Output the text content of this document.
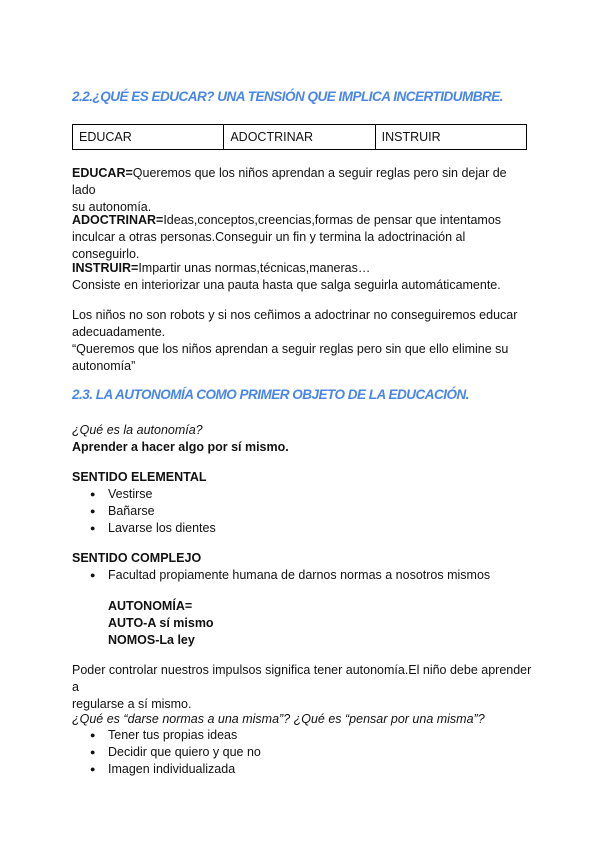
2.2.¿QUÉ ES EDUCAR? UNA TENSIÓN QUE IMPLICA INCERTIDUMBRE.
EDUCAR	ADOCTRINAR	INSTRUIR

EDUCAR=Queremos que los niños aprendan a seguir reglas pero sin dejar de lado
su autonomía.

ADOCTRINAR=Ideas,conceptos,creencias,formas de pensar que intentamos
inculcar a otras personas.Conseguir un fin y termina la adoctrinación al conseguirlo.

INSTRUIR=Impartir unas normas,técnicas,maneras…
Consiste en interiorizar una pauta hasta que salga seguirla automáticamente.

Los niños no son robots y si nos ceñimos a adoctrinar no conseguiremos educar
adecuadamente.
“Queremos que los niños aprendan a seguir reglas pero sin que ello elimine su
autonomía”

2.3. LA AUTONOMÍA COMO PRIMER OBJETO DE LA EDUCACIÓN.

¿Qué es la autonomía?

Aprender a hacer algo por sí mismo.

SENTIDO ELEMENTAL

● Vestirse
● Bañarse
● Lavarse los dientes

SENTIDO COMPLEJO

● Facultad propiamente humana de darnos normas a nosotros mismos

AUTONOMÍA=
AUTO-A sí mismo
NOMOS-La ley

Poder controlar nuestros impulsos significa tener autonomía.El niño debe aprender a
regularse a sí mismo.

¿Qué es “darse normas a una misma”? ¿Qué es “pensar por una misma”?

● Tener tus propias ideas
● Decidir que quiero y que no
● Imagen individualizada
